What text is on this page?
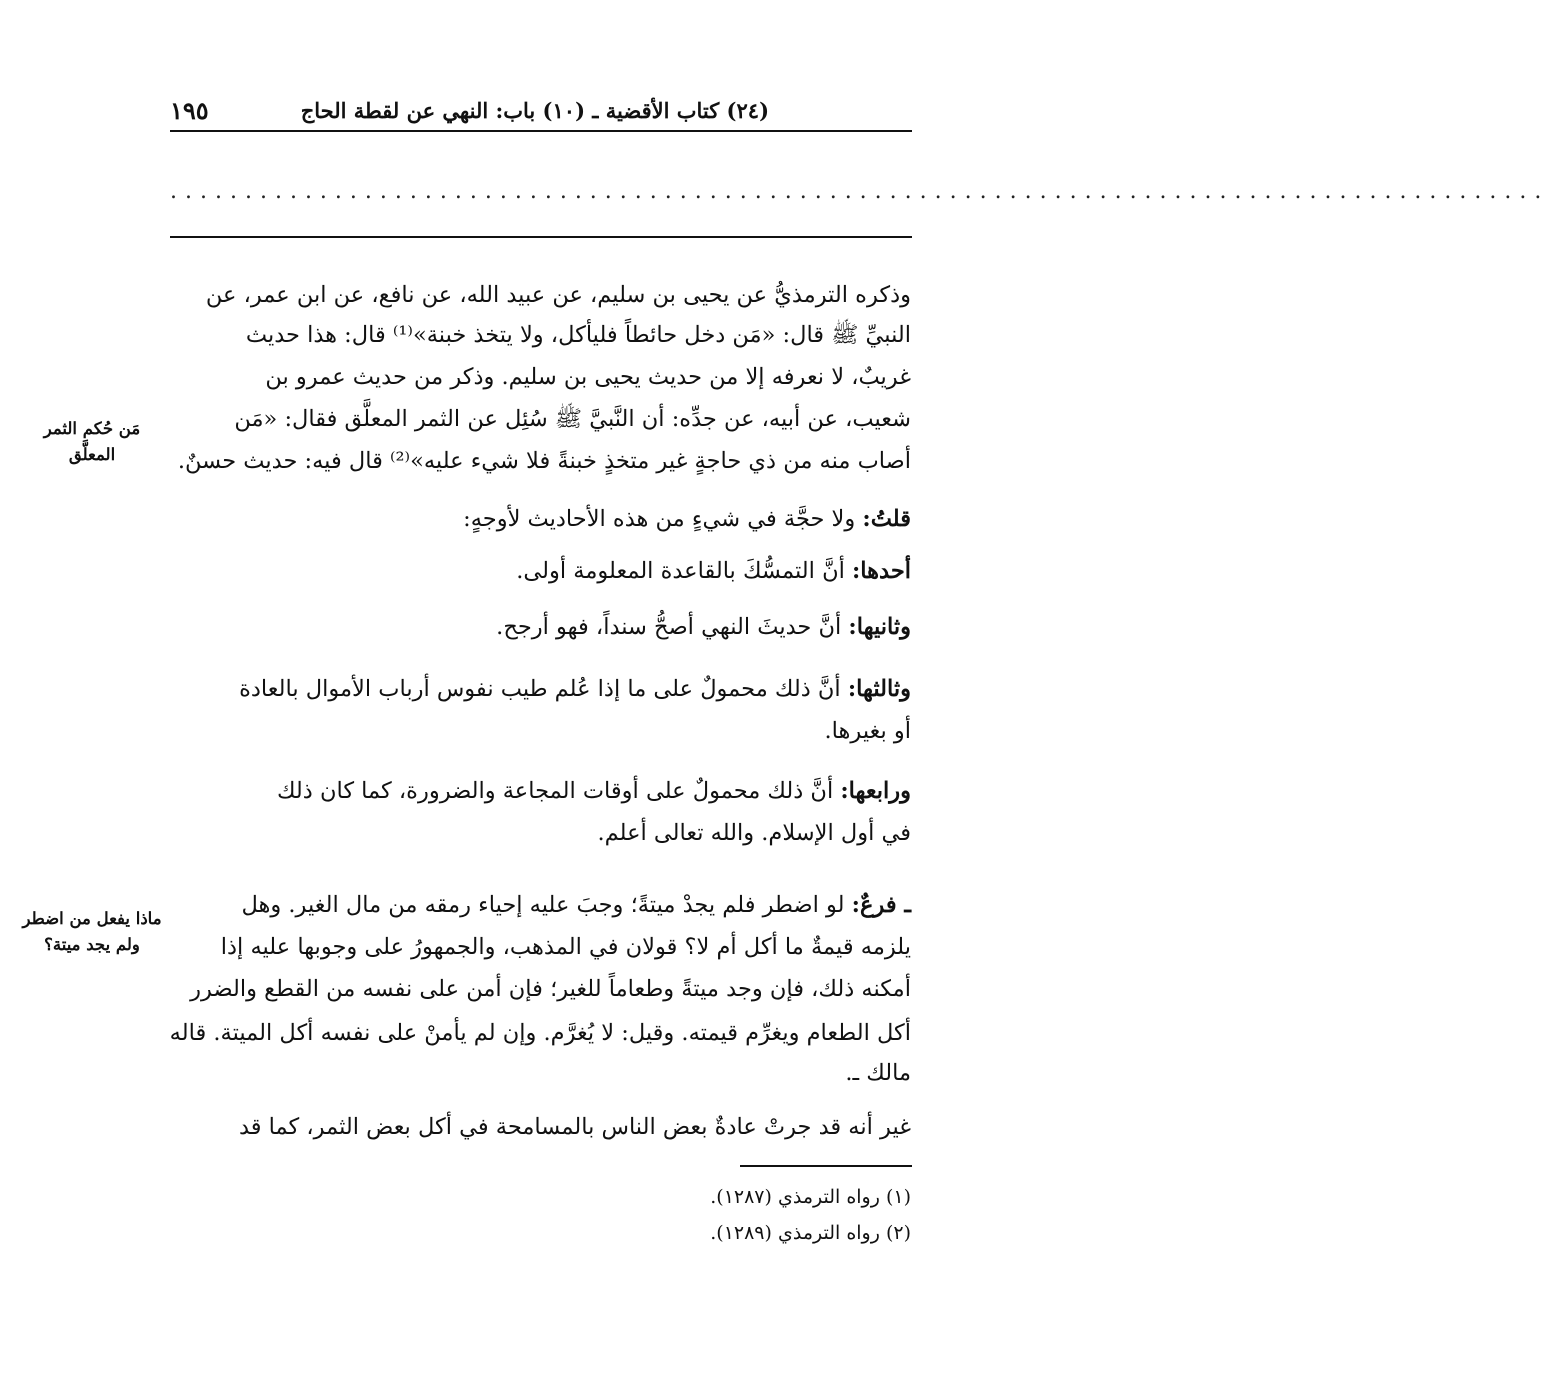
(٢٤) كتاب الأقضية ـ (١٠) باب: النهي عن لقطة الحاج
١٩٥
............................................................................................
مَن حُكم الثمر المعلَّق
ماذا يفعل من اضطر ولم يجد ميتة؟
وذكره الترمذيُّ عن يحيى بن سليم، عن عبيد الله، عن نافع، عن ابن عمر، عن
النبيِّ ﷺ قال: «مَن دخل حائطاً فليأكل، ولا يتخذ خبنة»⁽¹⁾ قال: هذا حديث
غريبٌ، لا نعرفه إلا من حديث يحيى بن سليم. وذكر من حديث عمرو بن
شعيب، عن أبيه، عن جدِّه: أن النَّبيَّ ﷺ سُئِل عن الثمر المعلَّق فقال: «مَن
أصاب منه من ذي حاجةٍ غير متخذٍ خبنةً فلا شيء عليه»⁽²⁾ قال فيه: حديث حسنٌ.
قلتُ: ولا حجَّة في شيءٍ من هذه الأحاديث لأوجهٍ:
أحدها: أنَّ التمسُّكَ بالقاعدة المعلومة أولى.
وثانيها: أنَّ حديثَ النهي أصحُّ سنداً، فهو أرجح.
وثالثها: أنَّ ذلك محمولٌ على ما إذا عُلم طيب نفوس أرباب الأموال بالعادة
أو بغيرها.
ورابعها: أنَّ ذلك محمولٌ على أوقات المجاعة والضرورة، كما كان ذلك
في أول الإسلام. والله تعالى أعلم.
ـ فرعٌ: لو اضطر فلم يجدْ ميتةً؛ وجبَ عليه إحياء رمقه من مال الغير. وهل
يلزمه قيمةٌ ما أكل أم لا؟ قولان في المذهب، والجمهورُ على وجوبها عليه إذا
أمكنه ذلك، فإن وجد ميتةً وطعاماً للغير؛ فإن أمن على نفسه من القطع والضرر
أكل الطعام ويغرِّم قيمته. وقيل: لا يُغرَّم. وإن لم يأمنْ على نفسه أكل الميتة. قاله
مالك ـ.
غير أنه قد جرتْ عادةٌ بعض الناس بالمسامحة في أكل بعض الثمر، كما قد
(١) رواه الترمذي (١٢٨٧).
(٢) رواه الترمذي (١٢٨٩).
